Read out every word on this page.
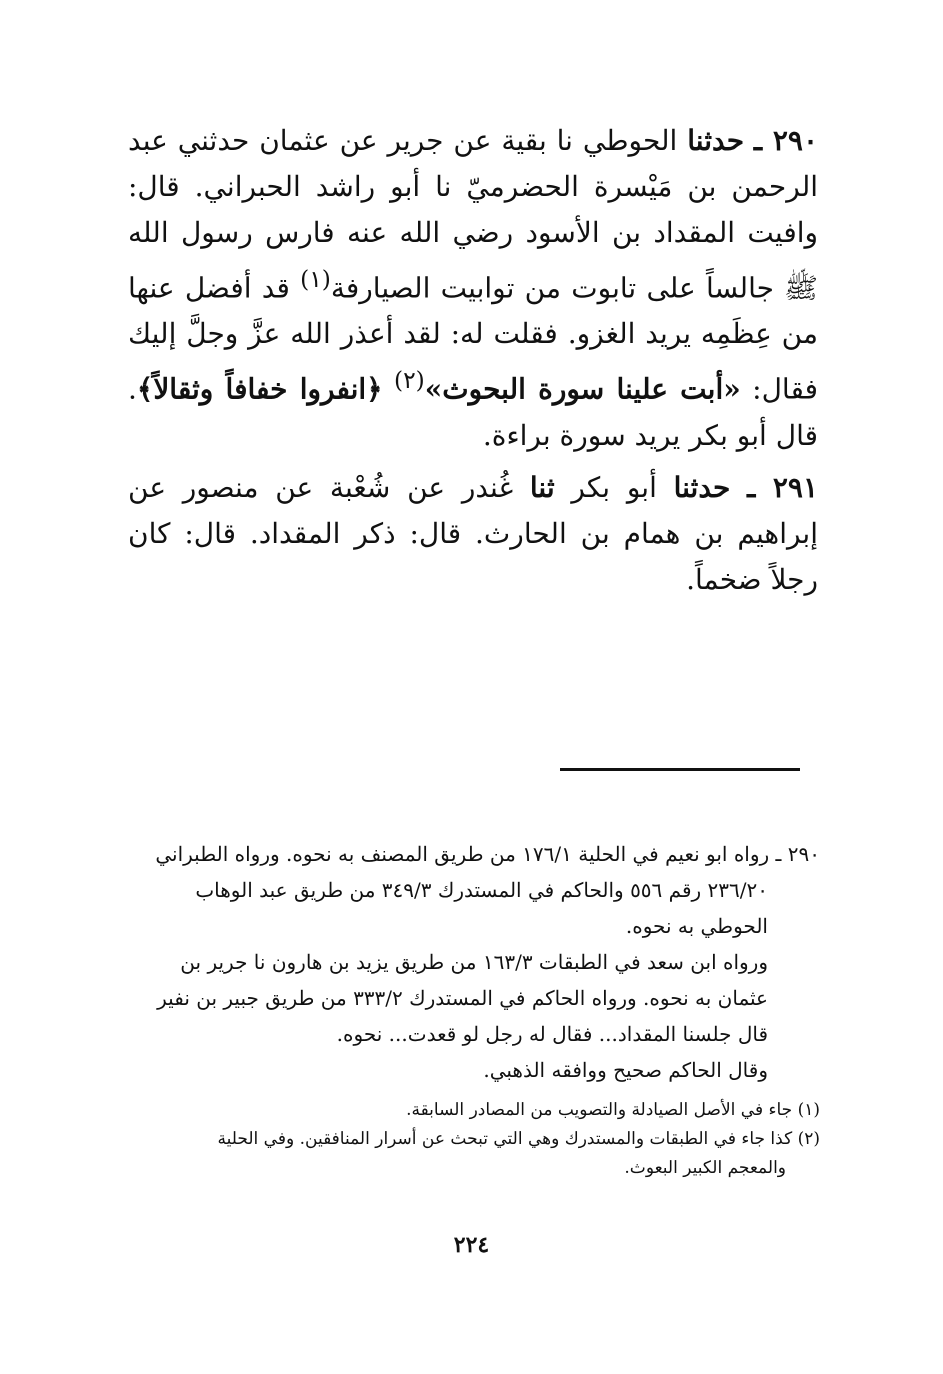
٢٩٠ ـ حدثنا الحوطي نا بقية عن جرير عن عثمان حدثني عبد الرحمن بن مَيْسرة الحضرميّ نا أبو راشد الحبراني. قال: وافيت المقداد بن الأسود رضي الله عنه فارس رسول الله ﷺ جالساً على تابوت من توابيت الصيارفة$^{(١)}$ قد أفضل عنها من عِظَمِه يريد الغزو. فقلت له: لقد أعذر الله عزَّ وجلَّ إليك فقال: «أبت علينا سورة البحوث»$^{(٢)}$ ﴿انفروا خفافاً وثقالاً﴾. قال أبو بكر يريد سورة براءة.

٢٩١ ـ حدثنا أبو بكر ثنا غُندر عن شُعْبة عن منصور عن إبراهيم بن همام بن الحارث. قال: ذكر المقداد. قال: كان رجلاً ضخماً.

٢٩٠ ـ رواه ابو نعيم في الحلية ١٧٦/١ من طريق المصنف به نحوه. ورواه الطبراني

٢٣٦/٢٠ رقم ٥٥٦ والحاكم في المستدرك ٣٤٩/٣ من طريق عبد الوهاب

الحوطي به نحوه.

ورواه ابن سعد في الطبقات ١٦٣/٣ من طريق يزيد بن هارون نا جرير بن

عثمان به نحوه. ورواه الحاكم في المستدرك ٣٣٣/٢ من طريق جبير بن نفير

قال جلسنا المقداد... فقال له رجل لو قعدت... نحوه.

وقال الحاكم صحيح ووافقه الذهبي.

(١) جاء في الأصل الصيادلة والتصويب من المصادر السابقة.

(٢) كذا جاء في الطبقات والمستدرك وهي التي تبحث عن أسرار المنافقين. وفي الحلية

والمعجم الكبير البعوث.

٢٢٤
